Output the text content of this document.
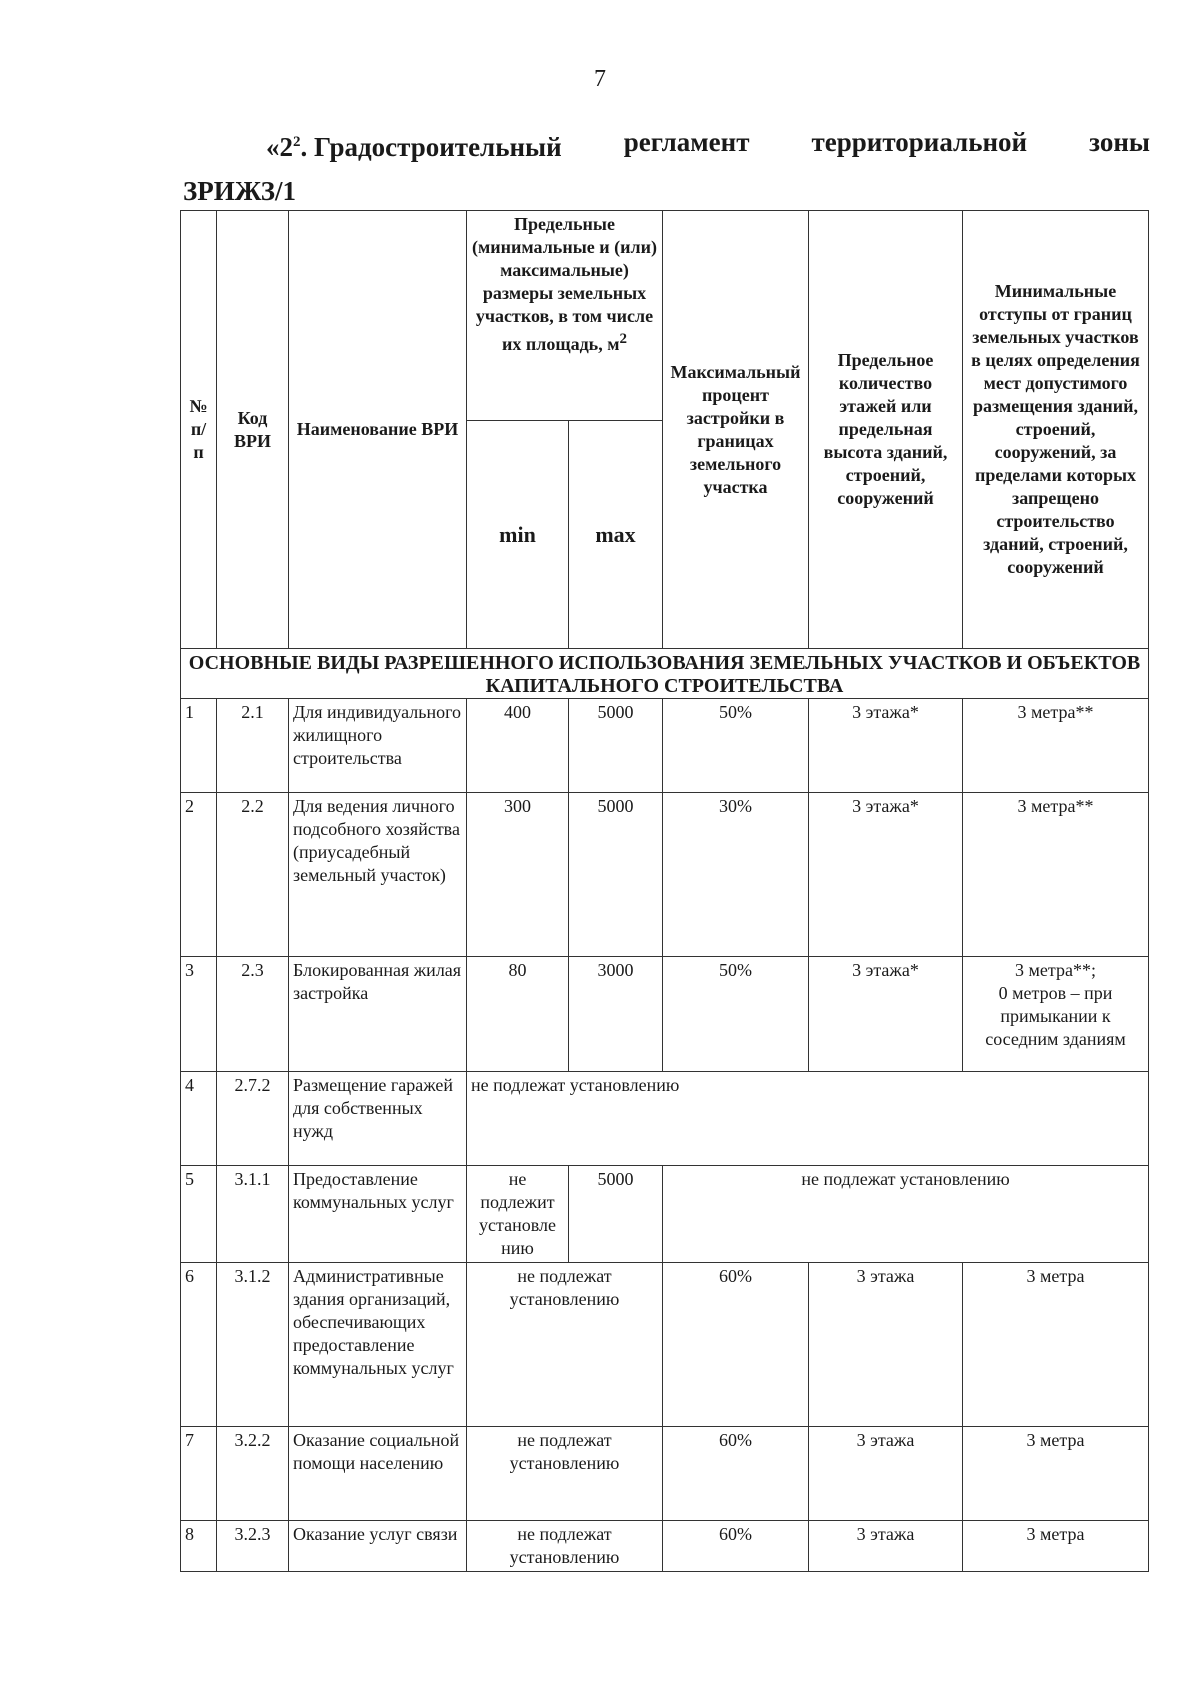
7
«$2^2$. Градостроительный регламент территориальной зоны
ЗРИЖЗ/1
№ п/ п	Код ВРИ	Наименование ВРИ	Предельные (минимальные и (или) максимальные) размеры земельных участков, в том числе их площадь, $м^2$		Максимальный процент застройки в границах земельного участка	Предельное количество этажей или предельная высота зданий, строений, сооружений	Минимальные отступы от границ земельных участков в целях определения мест допустимого размещения зданий, строений, сооружений, за пределами которых запрещено строительство зданий, строений, сооружений
			min	max			
ОСНОВНЫЕ ВИДЫ РАЗРЕШЕННОГО ИСПОЛЬЗОВАНИЯ ЗЕМЕЛЬНЫХ УЧАСТКОВ И ОБЪЕКТОВ КАПИТАЛЬНОГО СТРОИТЕЛЬСТВА							
1	2.1	Для индивидуального жилищного строительства	400	5000	50%	3 этажа*	3 метра**
2	2.2	Для ведения личного подсобного хозяйства (приусадебный земельный участок)	300	5000	30%	3 этажа*	3 метра**
3	2.3	Блокированная жилая застройка	80	3000	50%	3 этажа*	3 метра**;
0 метров – при примыкании к соседним зданиям
4	2.7.2	Размещение гаражей для собственных нужд	не подлежат установлению				
5	3.1.1	Предоставление коммунальных услуг	не подлежит установле нию	5000	не подлежат установлению		
6	3.1.2	Административные здания организаций, обеспечивающих предоставление коммунальных услуг	не подлежат установлению		60%	3 этажа	3 метра
7	3.2.2	Оказание социальной помощи населению	не подлежат установлению		60%	3 этажа	3 метра
8	3.2.3	Оказание услуг связи	не подлежат установлению		60%	3 этажа	3 метра
